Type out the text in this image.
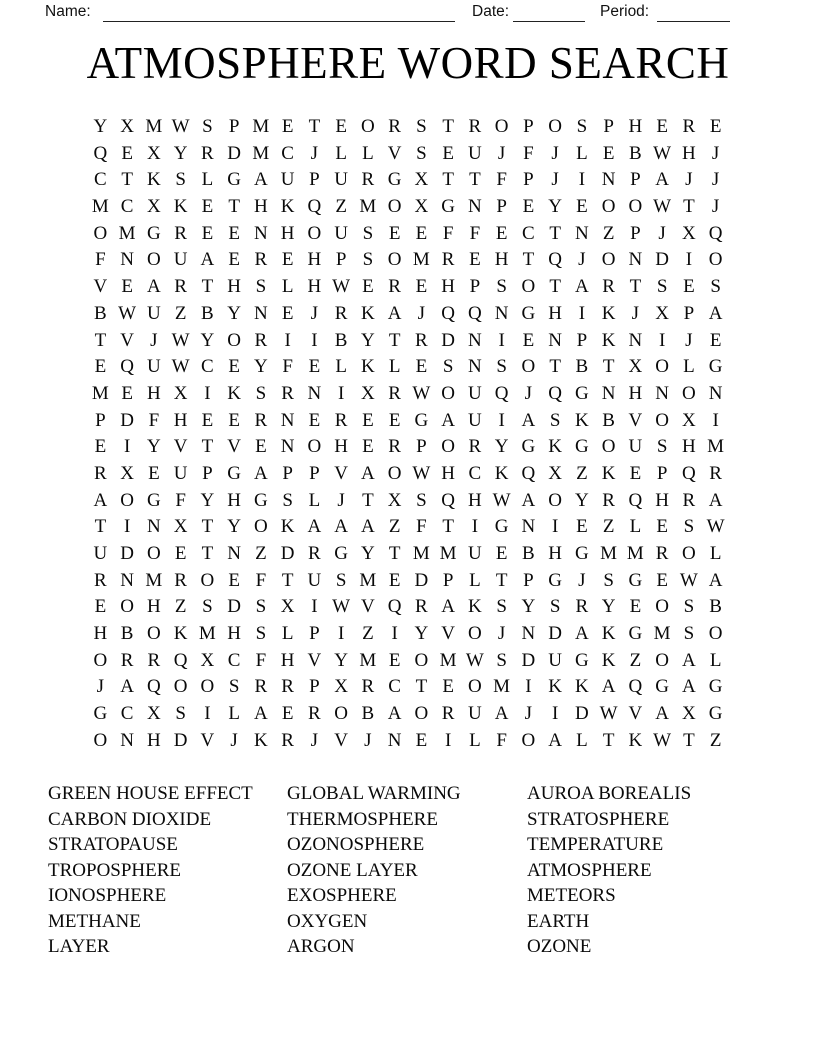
Name:	Date:	Period:
ATMOSPHERE WORD SEARCH
Y X M W S P M E T E O R S T R O P O S P H E R E
Q E X Y R D M C J L L V S E U J F J L E B W H J
C T K S L G A U P U R G X T T F P J	I N P A J	J
M C X K E T H K Q Z M O X G N P E Y E O O W T J
O M G R E E N H O U S E E F F E C T N Z P J X Q
F N O U A E R E H P S O M R E H T Q J O N D I O
V E A R T H S L H W E R E H P S O T A R T S E S
B W U Z B Y N E J R K A J Q Q N G H I K J X P A
T V J W Y O R I	I B Y T R D N I E N P K N I	J E
E Q U W C E Y F E L K L E S N S O T B T X O L G
M E H X I K S R N I X R W O U Q J Q G N H N O N
P D F H E E R N E R E E G A U I A S K B V O X I
E I Y V T V E N O H E R P O R Y G K G O U S H M
R X E U P G A P P V A O W H C K Q X Z K E P Q R
A O G F Y H G S L J T X S Q H W A O Y R Q H R A
T I N X T Y O K A A A Z F T I G N I E Z L E S W
U D O E T N Z D R G Y T M M U E B H G M M R O L
R N M R O E F T U S M E D P L T P G J S G E W A
E O H Z S D S X I W V Q R A K S Y S R Y E O S B
H B O K M H S L P I Z I Y V O J N D A K G M S O
O R R Q X C F H V Y M E O M W S D U G K Z O A L
J A Q O O S R R P X R C T E O M I K K A Q G A G
G C X S I L A E R O B A O R U A J	I D W V A X G
O N H D V J K R J V J N E I L F O A L T K W T Z
GREEN HOUSE EFFECT
CARBON DIOXIDE
STRATOPAUSE
TROPOSPHERE
IONOSPHERE
METHANE
LAYER
GLOBAL WARMING
THERMOSPHERE
OZONOSPHERE
OZONE LAYER
EXOSPHERE
OXYGEN
ARGON
AUROA BOREALIS
STRATOSPHERE
TEMPERATURE
ATMOSPHERE
METEORS
EARTH
OZONE
